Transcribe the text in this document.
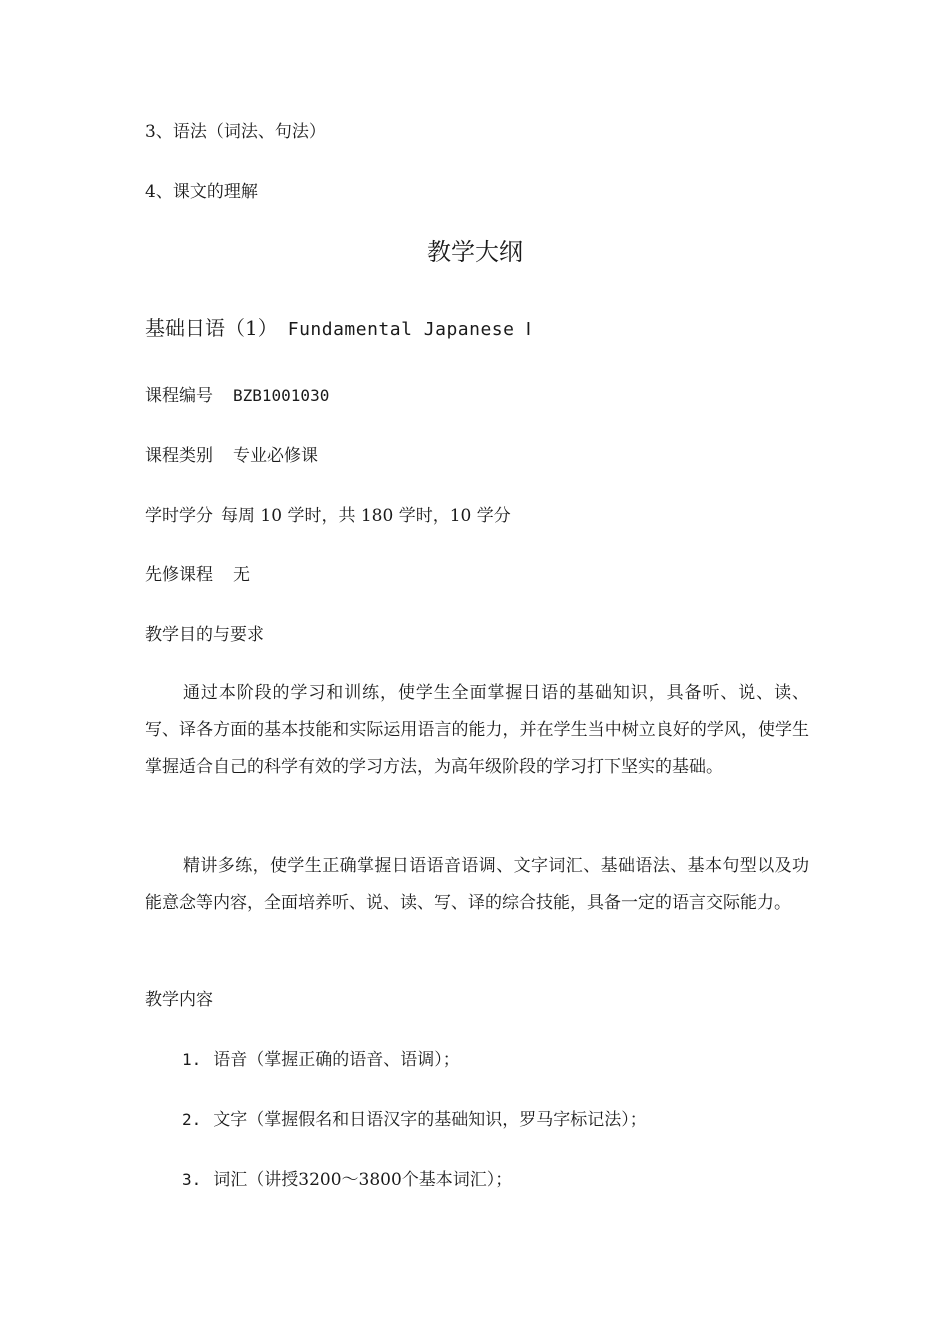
3、语法（词法、句法）
4、课文的理解
教学大纲
基础日语（1） Fundamental Japanese Ⅰ
课程编号 BZB1001030
课程类别 专业必修课
学时学分 每周 10 学时，共 180 学时，10 学分
先修课程 无
教学目的与要求
通过本阶段的学习和训练，使学生全面掌握日语的基础知识，具备听、说、读、写、译各方面的基本技能和实际运用语言的能力，并在学生当中树立良好的学风，使学生掌握适合自己的科学有效的学习方法，为高年级阶段的学习打下坚实的基础。
精讲多练，使学生正确掌握日语语音语调、文字词汇、基础语法、基本句型以及功能意念等内容，全面培养听、说、读、写、译的综合技能，具备一定的语言交际能力。
教学内容
1. 语音（掌握正确的语音、语调）；
2. 文字（掌握假名和日语汉字的基础知识，罗马字标记法）；
3. 词汇（讲授3200～3800个基本词汇）；
